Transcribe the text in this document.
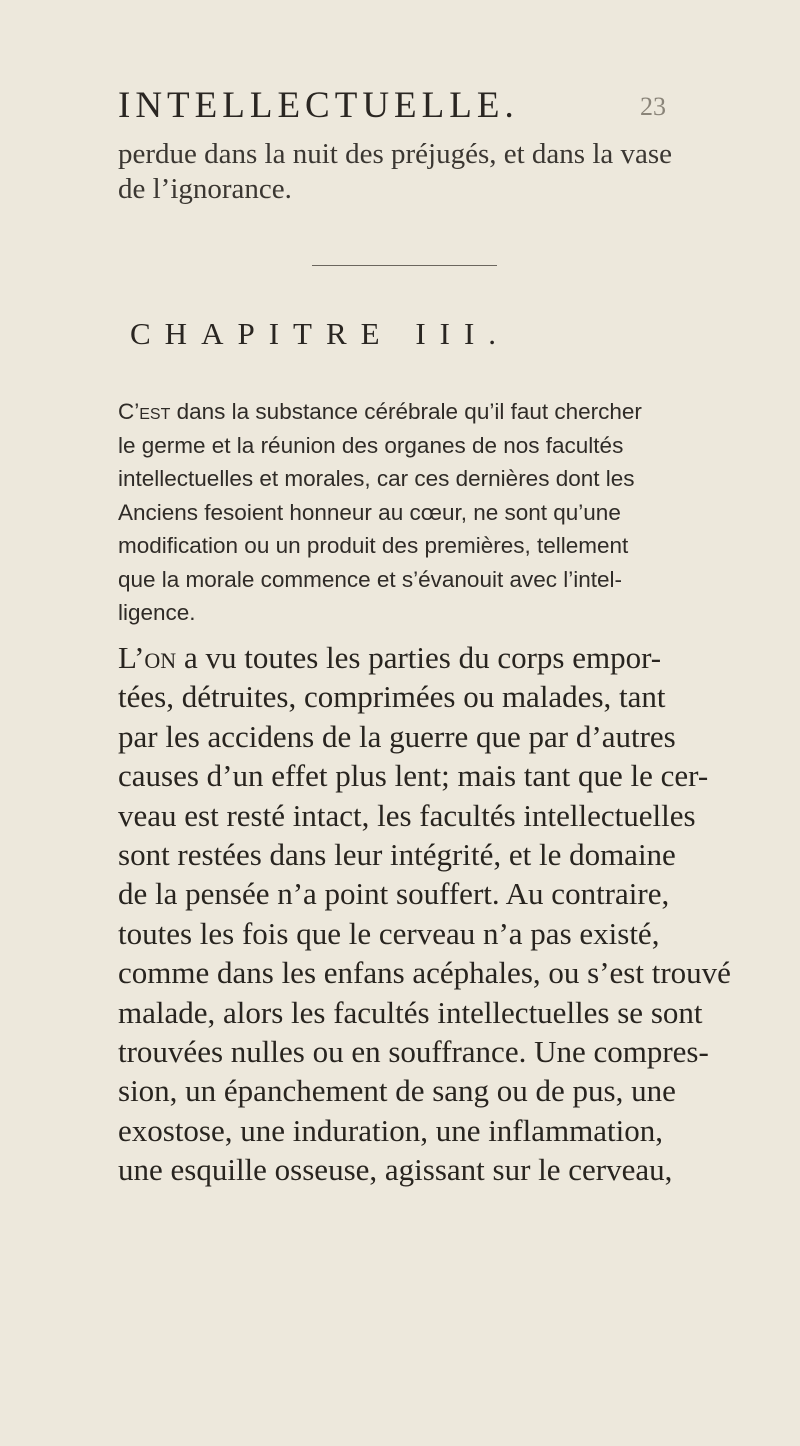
INTELLECTUELLE.	23

perdue dans la nuit des préjugés, et dans la vase

de l’ignorance.

CHAPITRE III.
C’est dans la substance cérébrale qu’il faut chercher
le germe et la réunion des organes de nos facultés
intellectuelles et morales, car ces dernières dont les
Anciens fesoient honneur au cœur, ne sont qu’une
modification ou un produit des premières, tellement
que la morale commence et s’évanouit avec l’intel-
ligence.
L’on a vu toutes les parties du corps empor-
tées, détruites, comprimées ou malades, tant
par les accidens de la guerre que par d’autres
causes d’un effet plus lent; mais tant que le cer-
veau est resté intact, les facultés intellectuelles
sont restées dans leur intégrité, et le domaine
de la pensée n’a point souffert. Au contraire,
toutes les fois que le cerveau n’a pas existé,
comme dans les enfans acéphales, ou s’est trouvé
malade, alors les facultés intellectuelles se sont
trouvées nulles ou en souffrance. Une compres-
sion, un épanchement de sang ou de pus, une
exostose, une induration, une inflammation,
une esquille osseuse, agissant sur le cerveau,
